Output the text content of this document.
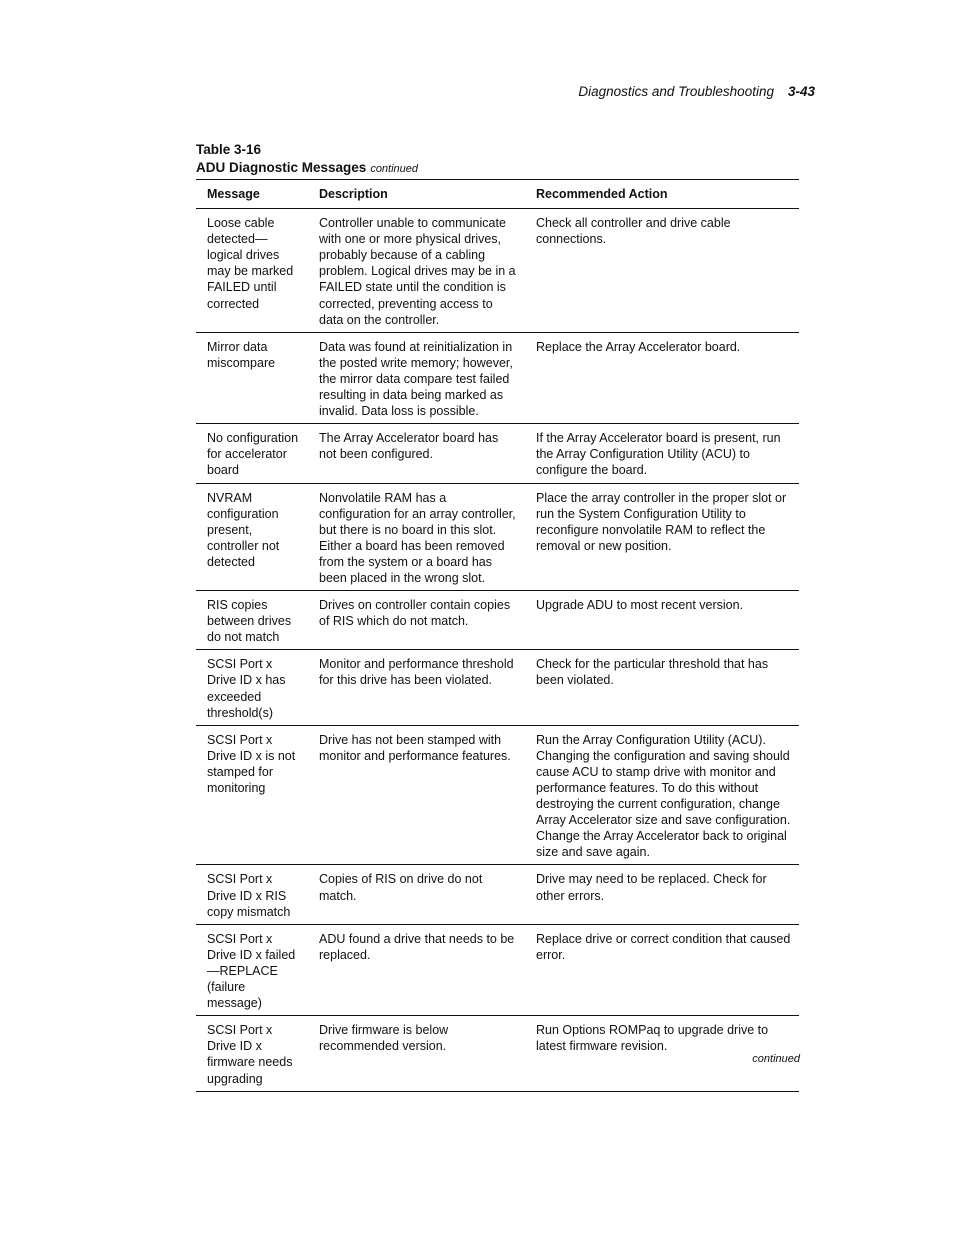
Diagnostics and Troubleshooting 3-43
Table 3-16
ADU Diagnostic Messages continued
Message	Description	Recommended Action
Loose cable detected—logical drives may be marked FAILED until corrected
Controller unable to communicate with one or more physical drives, probably because of a cabling problem. Logical drives may be in a FAILED state until the condition is corrected, preventing access to data on the controller.
Check all controller and drive cable connections.
Mirror data miscompare
Data was found at reinitialization in the posted write memory; however, the mirror data compare test failed resulting in data being marked as invalid. Data loss is possible.
Replace the Array Accelerator board.
No configuration for accelerator board
The Array Accelerator board has not been configured.
If the Array Accelerator board is present, run the Array Configuration Utility (ACU) to configure the board.
NVRAM configuration present, controller not detected
Nonvolatile RAM has a configuration for an array controller, but there is no board in this slot. Either a board has been removed from the system or a board has been placed in the wrong slot.
Place the array controller in the proper slot or run the System Configuration Utility to reconfigure nonvolatile RAM to reflect the removal or new position.
RIS copies between drives do not match
Drives on controller contain copies of RIS which do not match.
Upgrade ADU to most recent version.
SCSI Port x Drive ID x has exceeded threshold(s)
Monitor and performance threshold for this drive has been violated.
Check for the particular threshold that has been violated.
SCSI Port x Drive ID x is not stamped for monitoring
Drive has not been stamped with monitor and performance features.
Run the Array Configuration Utility (ACU). Changing the configuration and saving should cause ACU to stamp drive with monitor and performance features. To do this without destroying the current configuration, change Array Accelerator size and save configuration. Change the Array Accelerator back to original size and save again.
SCSI Port x Drive ID x RIS copy mismatch
Copies of RIS on drive do not match.
Drive may need to be replaced. Check for other errors.
SCSI Port x Drive ID x failed—REPLACE (failure message)
ADU found a drive that needs to be replaced.
Replace drive or correct condition that caused error.
SCSI Port x Drive ID x firmware needs upgrading
Drive firmware is below recommended version.
Run Options ROMPaq to upgrade drive to latest firmware revision.
continued
